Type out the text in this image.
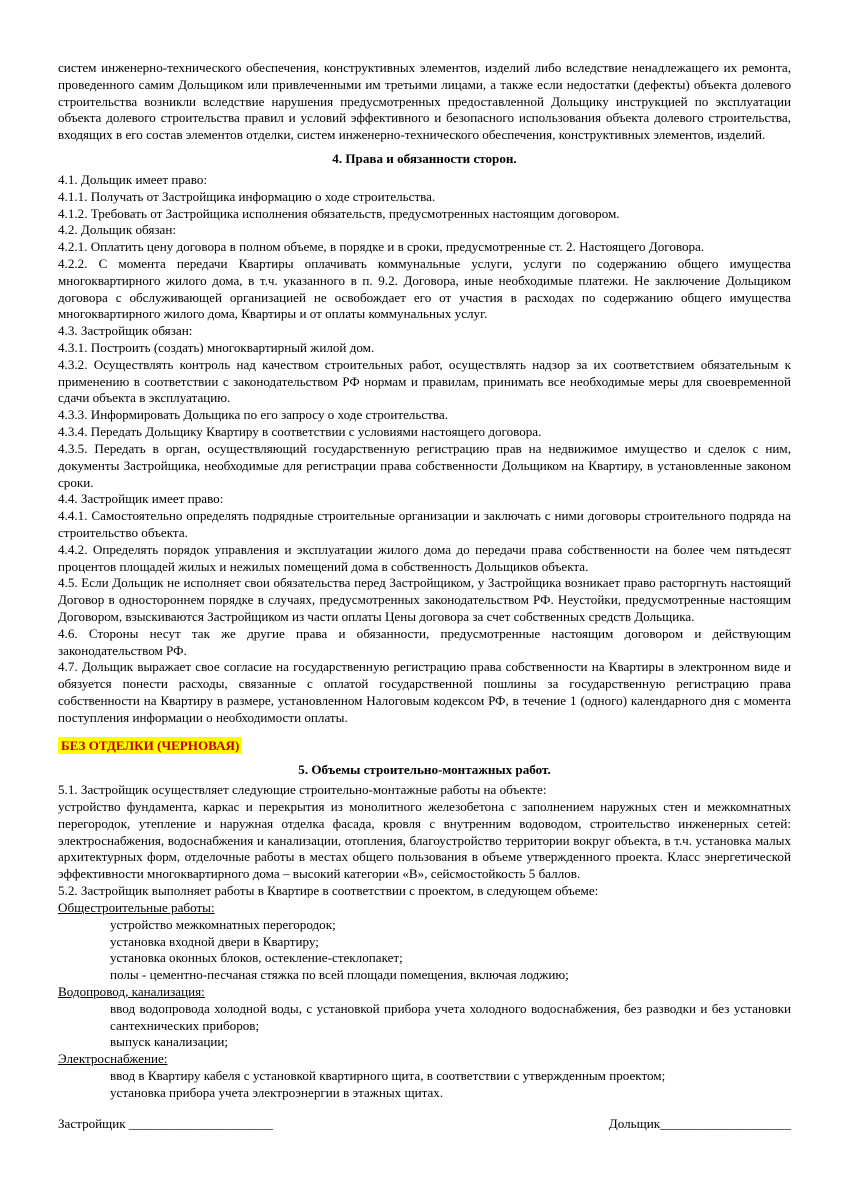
систем инженерно-технического обеспечения, конструктивных элементов, изделий либо вследствие ненадлежащего их ремонта, проведенного самим Дольщиком или привлеченными им третьими лицами, а также если недостатки (дефекты) объекта долевого строительства возникли вследствие нарушения предусмотренных предоставленной Дольщику инструкцией по эксплуатации объекта долевого строительства правил и условий эффективного и безопасного использования объекта долевого строительства, входящих в его состав элементов отделки, систем инженерно-технического обеспечения, конструктивных элементов, изделий.

4. Права и обязанности сторон.

4.1. Дольщик имеет право:

4.1.1. Получать от Застройщика информацию о ходе строительства.

4.1.2. Требовать от Застройщика исполнения обязательств, предусмотренных настоящим договором.

4.2. Дольщик обязан:

4.2.1. Оплатить цену договора в полном объеме, в порядке и в сроки, предусмотренные ст. 2. Настоящего Договора.

4.2.2. С момента передачи Квартиры оплачивать коммунальные услуги, услуги по содержанию общего имущества многоквартирного жилого дома, в т.ч. указанного в п. 9.2. Договора, иные необходимые платежи. Не заключение Дольщиком договора с обслуживающей организацией не освобождает его от участия в расходах по содержанию общего имущества многоквартирного жилого дома, Квартиры и от оплаты коммунальных услуг.

4.3. Застройщик обязан:

4.3.1. Построить (создать) многоквартирный жилой дом.

4.3.2. Осуществлять контроль над качеством строительных работ, осуществлять надзор за их соответствием обязательным к применению в соответствии с законодательством РФ нормам и правилам, принимать все необходимые меры для своевременной сдачи объекта в эксплуатацию.

4.3.3. Информировать Дольщика по его запросу о ходе строительства.

4.3.4. Передать Дольщику Квартиру в соответствии с условиями настоящего договора.

4.3.5. Передать в орган, осуществляющий государственную регистрацию прав на недвижимое имущество и сделок с ним, документы Застройщика, необходимые для регистрации права собственности Дольщиком на Квартиру, в установленные законом сроки.

4.4. Застройщик имеет право:

4.4.1. Самостоятельно определять подрядные строительные организации и заключать с ними договоры строительного подряда на строительство объекта.

4.4.2. Определять порядок управления и эксплуатации жилого дома до передачи права собственности на более чем пятьдесят процентов площадей жилых и нежилых помещений дома в собственность Дольщиков объекта.

4.5. Если Дольщик не исполняет свои обязательства перед Застройщиком, у Застройщика возникает право расторгнуть настоящий Договор в одностороннем порядке в случаях, предусмотренных законодательством РФ. Неустойки, предусмотренные настоящим Договором, взыскиваются Застройщиком из части оплаты Цены договора за счет собственных средств Дольщика.

4.6. Стороны несут так же другие права и обязанности, предусмотренные настоящим договором и действующим законодательством РФ.

4.7. Дольщик выражает свое согласие на государственную регистрацию права собственности на Квартиры в электронном виде и обязуется понести расходы, связанные с оплатой государственной пошлины за государственную регистрацию права собственности на Квартиру в размере, установленном Налоговым кодексом РФ, в течение 1 (одного) календарного дня с момента поступления информации о необходимости оплаты.

БЕЗ ОТДЕЛКИ (ЧЕРНОВАЯ)

5. Объемы строительно-монтажных работ.

5.1. Застройщик осуществляет следующие строительно-монтажные работы на объекте:

устройство фундамента, каркас и перекрытия из монолитного железобетона с заполнением наружных стен и межкомнатных перегородок, утепление и наружная отделка фасада, кровля с внутренним водоводом, строительство инженерных сетей: электроснабжения, водоснабжения и канализации, отопления, благоустройство территории вокруг объекта, в т.ч. установка малых архитектурных форм, отделочные работы в местах общего пользования в объеме утвержденного проекта. Класс энергетической эффективности многоквартирного дома – высокий категории «В», сейсмостойкость 5 баллов.

5.2. Застройщик выполняет работы в Квартире в соответствии с проектом, в следующем объеме:

Общестроительные работы:

устройство межкомнатных перегородок;

установка входной двери в Квартиру;

установка оконных блоков, остекление-стеклопакет;

полы - цементно-песчаная стяжка по всей площади помещения, включая лоджию;

Водопровод, канализация:

ввод водопровода холодной воды, с установкой прибора учета холодного водоснабжения, без разводки и без установки сантехнических приборов;

выпуск канализации;

Электроснабжение:

ввод в Квартиру кабеля с установкой квартирного щита, в соответствии с утвержденным проектом;

установка прибора учета электроэнергии в этажных щитах.

Застройщик ______________________	Дольщик____________________
